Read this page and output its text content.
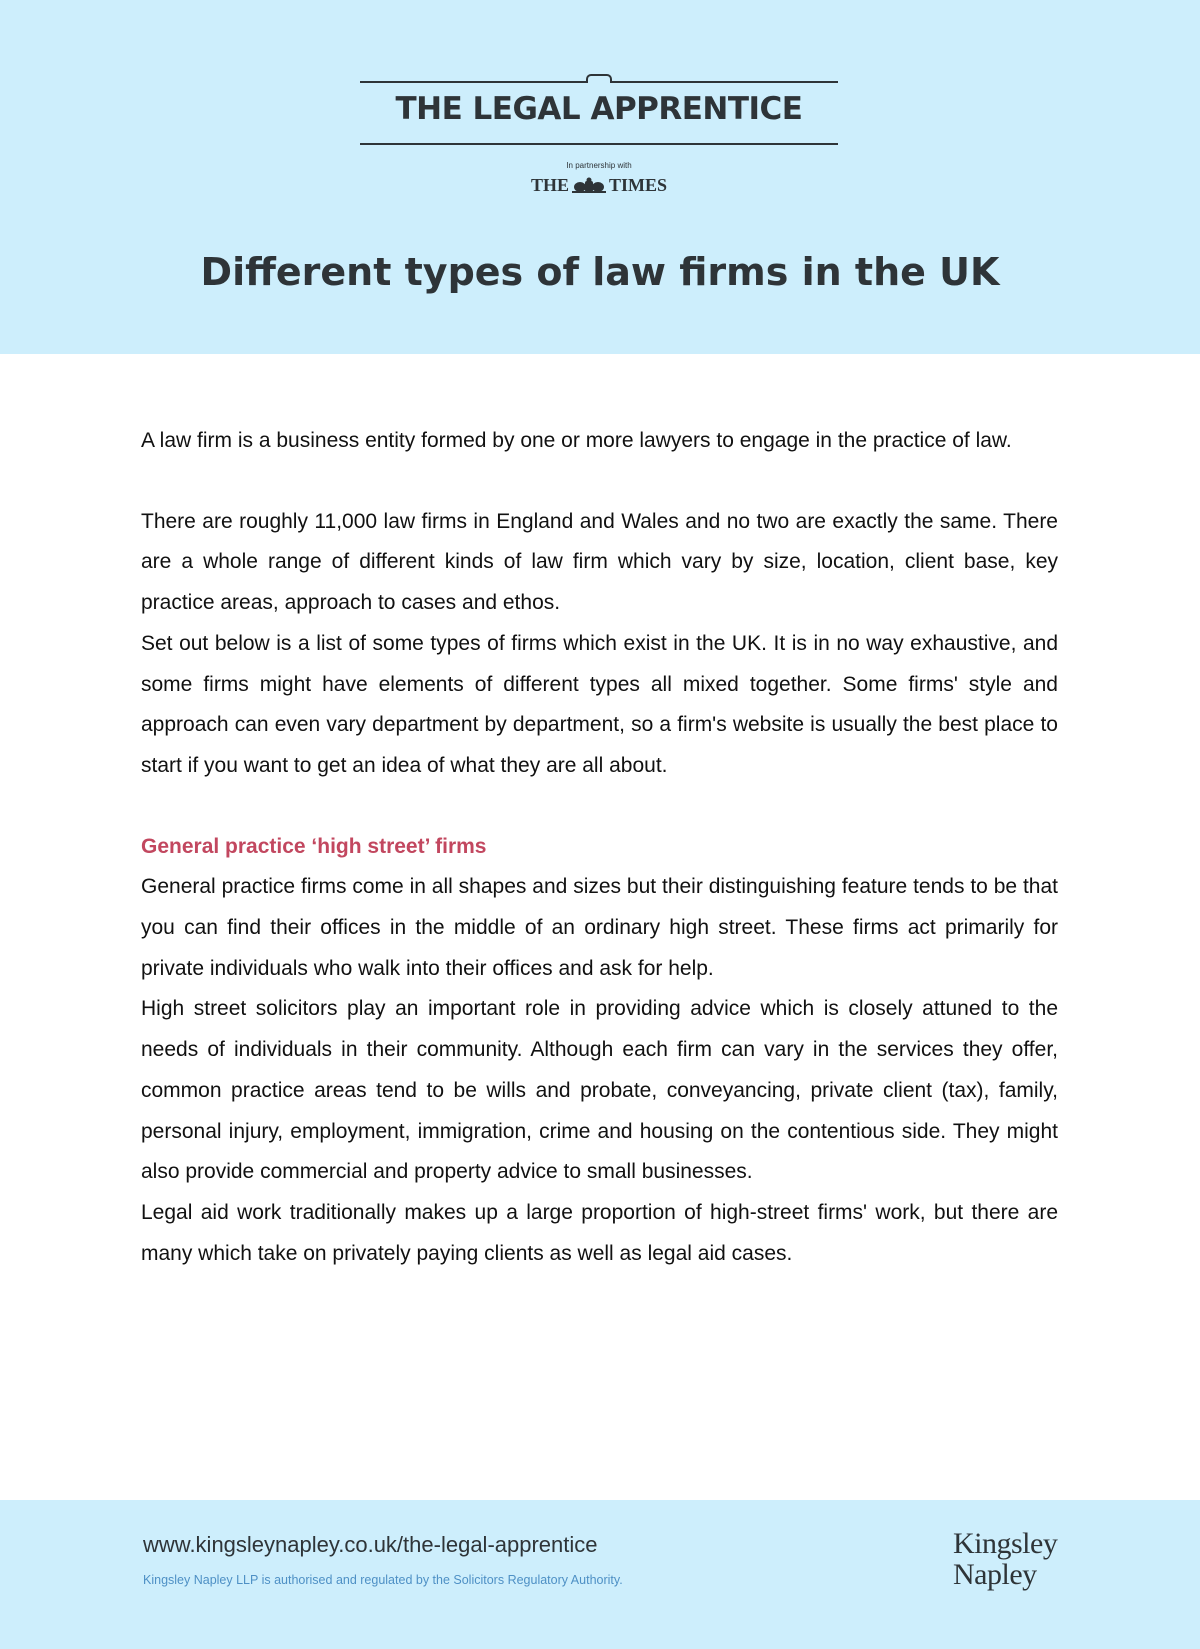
THE LEGAL APPRENTICE
In partnership with
THE TIMES
Different types of law firms in the UK

A law firm is a business entity formed by one or more lawyers to engage in the practice of law.

There are roughly 11,000 law firms in England and Wales and no two are exactly the same. There are a whole range of different kinds of law firm which vary by size, location, client base, key practice areas, approach to cases and ethos.

Set out below is a list of some types of firms which exist in the UK. It is in no way exhaustive, and some firms might have elements of different types all mixed together. Some firms' style and approach can even vary department by department, so a firm's website is usually the best place to start if you want to get an idea of what they are all about.

General practice ‘high street’ firms

General practice firms come in all shapes and sizes but their distinguishing feature tends to be that you can find their offices in the middle of an ordinary high street. These firms act primarily for private individuals who walk into their offices and ask for help.

High street solicitors play an important role in providing advice which is closely attuned to the needs of individuals in their community. Although each firm can vary in the services they offer, common practice areas tend to be wills and probate, conveyancing, private client (tax), family, personal injury, employment, immigration, crime and housing on the contentious side. They might also provide commercial and property advice to small businesses.

Legal aid work traditionally makes up a large proportion of high-street firms' work, but there are many which take on privately paying clients as well as legal aid cases.

www.kingsleynapley.co.uk/the-legal-apprentice
Kingsley Napley LLP is authorised and regulated by the Solicitors Regulatory Authority.
Kingsley
Napley
